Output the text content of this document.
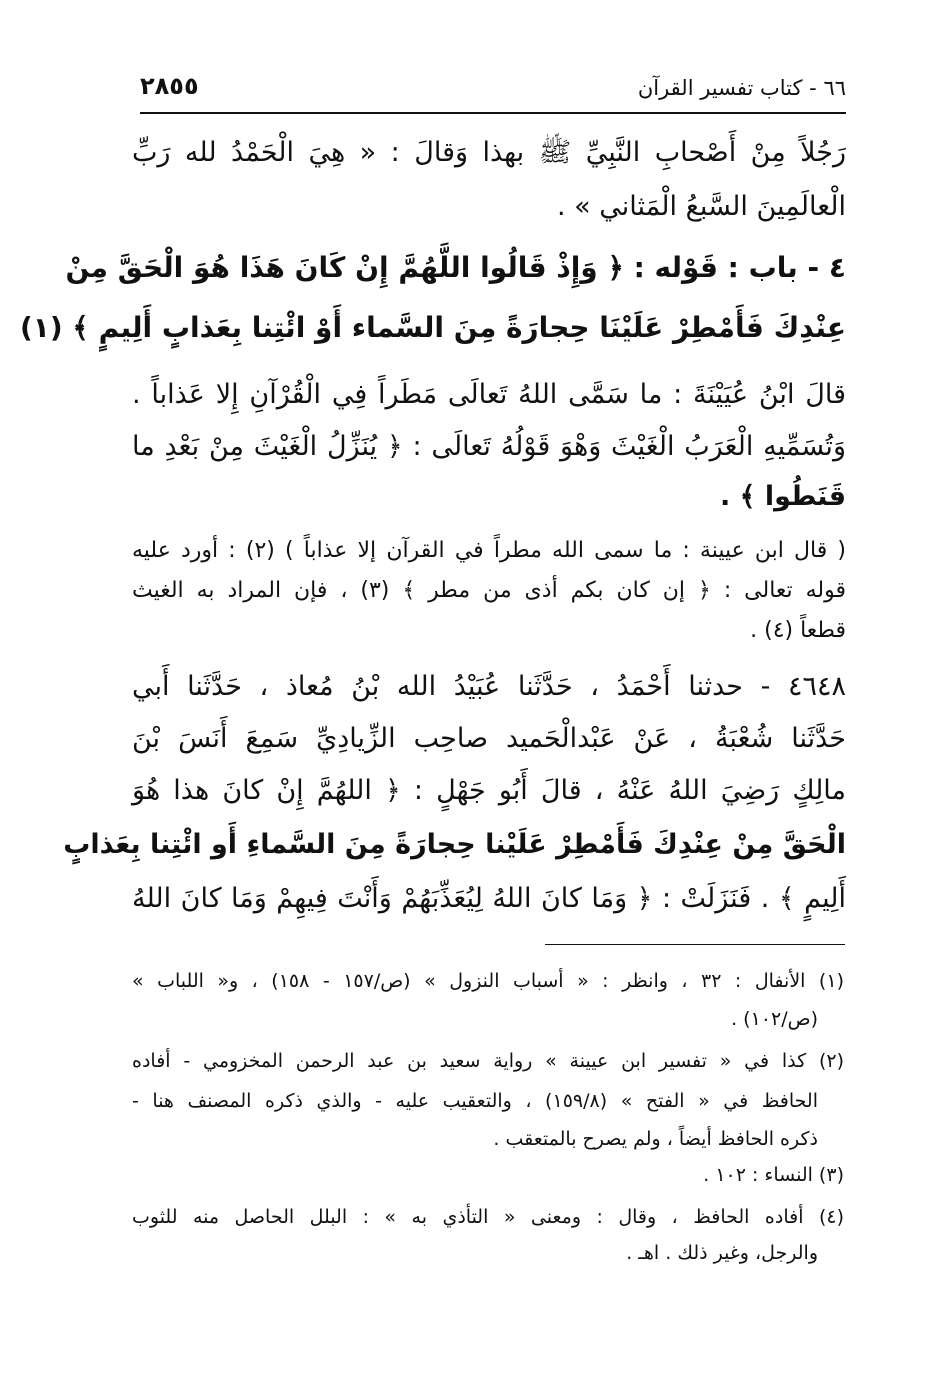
٢٨٥٥	٦٦ - كتاب تفسير القرآن
رَجُلاً مِنْ أَصْحابِ النَّبِيِّ ﷺ بهذا وَقالَ : « هِيَ الْحَمْدُ لله رَبِّ
الْعالَمِينَ السَّبعُ الْمَثاني » .
٤ - باب : قَوْله : ﴿ وَإِذْ قَالُوا اللَّهُمَّ إِنْ كَانَ هَذَا هُوَ الْحَقَّ مِنْ
عِنْدِكَ فَأَمْطِرْ عَلَيْنَا حِجارَةً مِنَ السَّماء أَوْ ائْتِنا بِعَذابٍ أَلِيمٍ ﴾ (١)
قالَ ابْنُ عُيَيْنَةَ : ما سَمَّى اللهُ تَعالَى مَطَراً فِي الْقُرْآنِ إِلا عَذاباً .
وَتُسَمِّيهِ الْعَرَبُ الْغَيْثَ وَهْوَ قَوْلُهُ تَعالَى : ﴿ يُنَزِّلُ الْغَيْثَ مِنْ بَعْدِ ما
قَنَطُوا ﴾ .
( قال ابن عيينة : ما سمى الله مطراً في القرآن إلا عذاباً ) (٢) : أورد عليه
قوله تعالى : ﴿ إن كان بكم أذى من مطر ﴾ (٣) ، فإن المراد به الغيث
قطعاً (٤) .
٤٦٤٨ - حدثنا أَحْمَدُ ، حَدَّثَنا عُبَيْدُ الله بْنُ مُعاذ ، حَدَّثَنا أَبي
حَدَّثَنا شُعْبَةُ ، عَنْ عَبْدالْحَميد صاحِب الزِّيادِيِّ سَمِعَ أَنَسَ بْنَ
مالِكٍ رَضِيَ اللهُ عَنْهُ ، قالَ أَبُو جَهْلٍ : ﴿ اللهُمَّ إِنْ كانَ هذا هُوَ
الْحَقَّ مِنْ عِنْدِكَ فَأَمْطِرْ عَلَيْنا حِجارَةً مِنَ السَّماءِ أَو ائْتِنا بِعَذابٍ
أَلِيمٍ ﴾ . فَنَزَلَتْ : ﴿ وَمَا كانَ اللهُ لِيُعَذِّبَهُمْ وَأَنْتَ فِيهِمْ وَمَا كانَ اللهُ
(١) الأنفال : ٣٢ ، وانظر : « أسباب النزول » (ص/١٥٧ - ١٥٨) ، و« اللباب »
(ص/١٠٢) .
(٢) كذا في « تفسير ابن عيينة » رواية سعيد بن عبد الرحمن المخزومي - أفاده
الحافظ في « الفتح » (١٥٩/٨) ، والتعقيب عليه - والذي ذكره المصنف هنا -
ذكره الحافظ أيضاً ، ولم يصرح بالمتعقب .
(٣) النساء : ١٠٢ .
(٤) أفاده الحافظ ، وقال : ومعنى « التأذي به » : البلل الحاصل منه للثوب
والرجل، وغير ذلك . اهـ .
